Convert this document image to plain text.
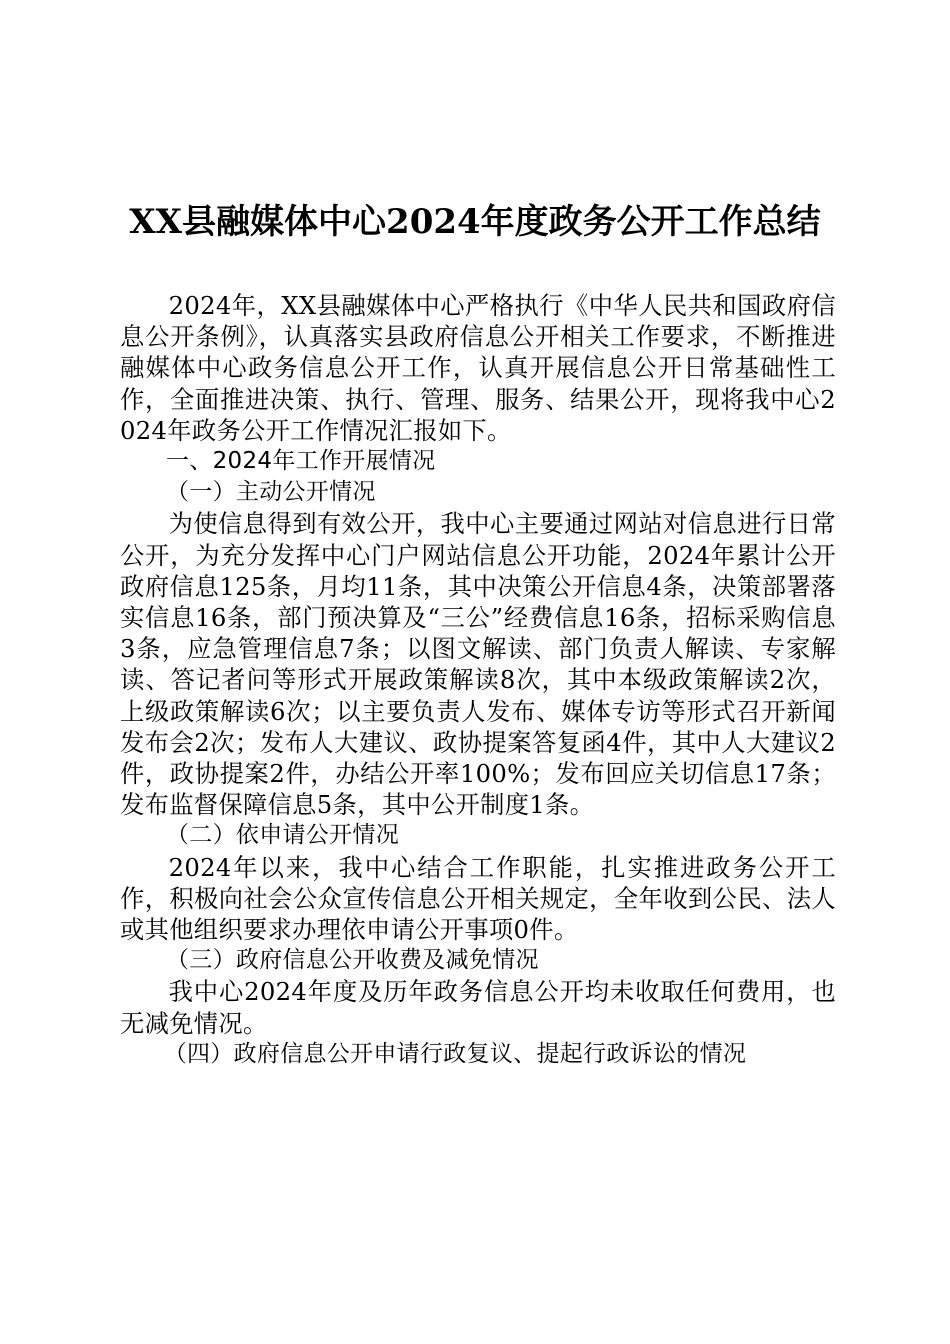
XX县融媒体中心2024年度政务公开工作总结

2024年，XX县融媒体中心严格执行《中华人民共和国政府信息公开条例》，认真落实县政府信息公开相关工作要求，不断推进融媒体中心政务信息公开工作，认真开展信息公开日常基础性工作，全面推进决策、执行、管理、服务、结果公开，现将我中心2024年政务公开工作情况汇报如下。

一、2024年工作开展情况

（一）主动公开情况

为使信息得到有效公开，我中心主要通过网站对信息进行日常公开，为充分发挥中心门户网站信息公开功能，2024年累计公开政府信息125条，月均11条，其中决策公开信息4条，决策部署落实信息16条，部门预决算及“三公”经费信息16条，招标采购信息3条，应急管理信息7条；以图文解读、部门负责人解读、专家解读、答记者问等形式开展政策解读8次，其中本级政策解读2次，上级政策解读6次；以主要负责人发布、媒体专访等形式召开新闻发布会2次；发布人大建议、政协提案答复函4件，其中人大建议2件，政协提案2件，办结公开率100%；发布回应关切信息17条；发布监督保障信息5条，其中公开制度1条。

（二）依申请公开情况

2024年以来，我中心结合工作职能，扎实推进政务公开工作，积极向社会公众宣传信息公开相关规定，全年收到公民、法人或其他组织要求办理依申请公开事项0件。

（三）政府信息公开收费及减免情况

我中心2024年度及历年政务信息公开均未收取任何费用，也无减免情况。

（四）政府信息公开申请行政复议、提起行政诉讼的情况
